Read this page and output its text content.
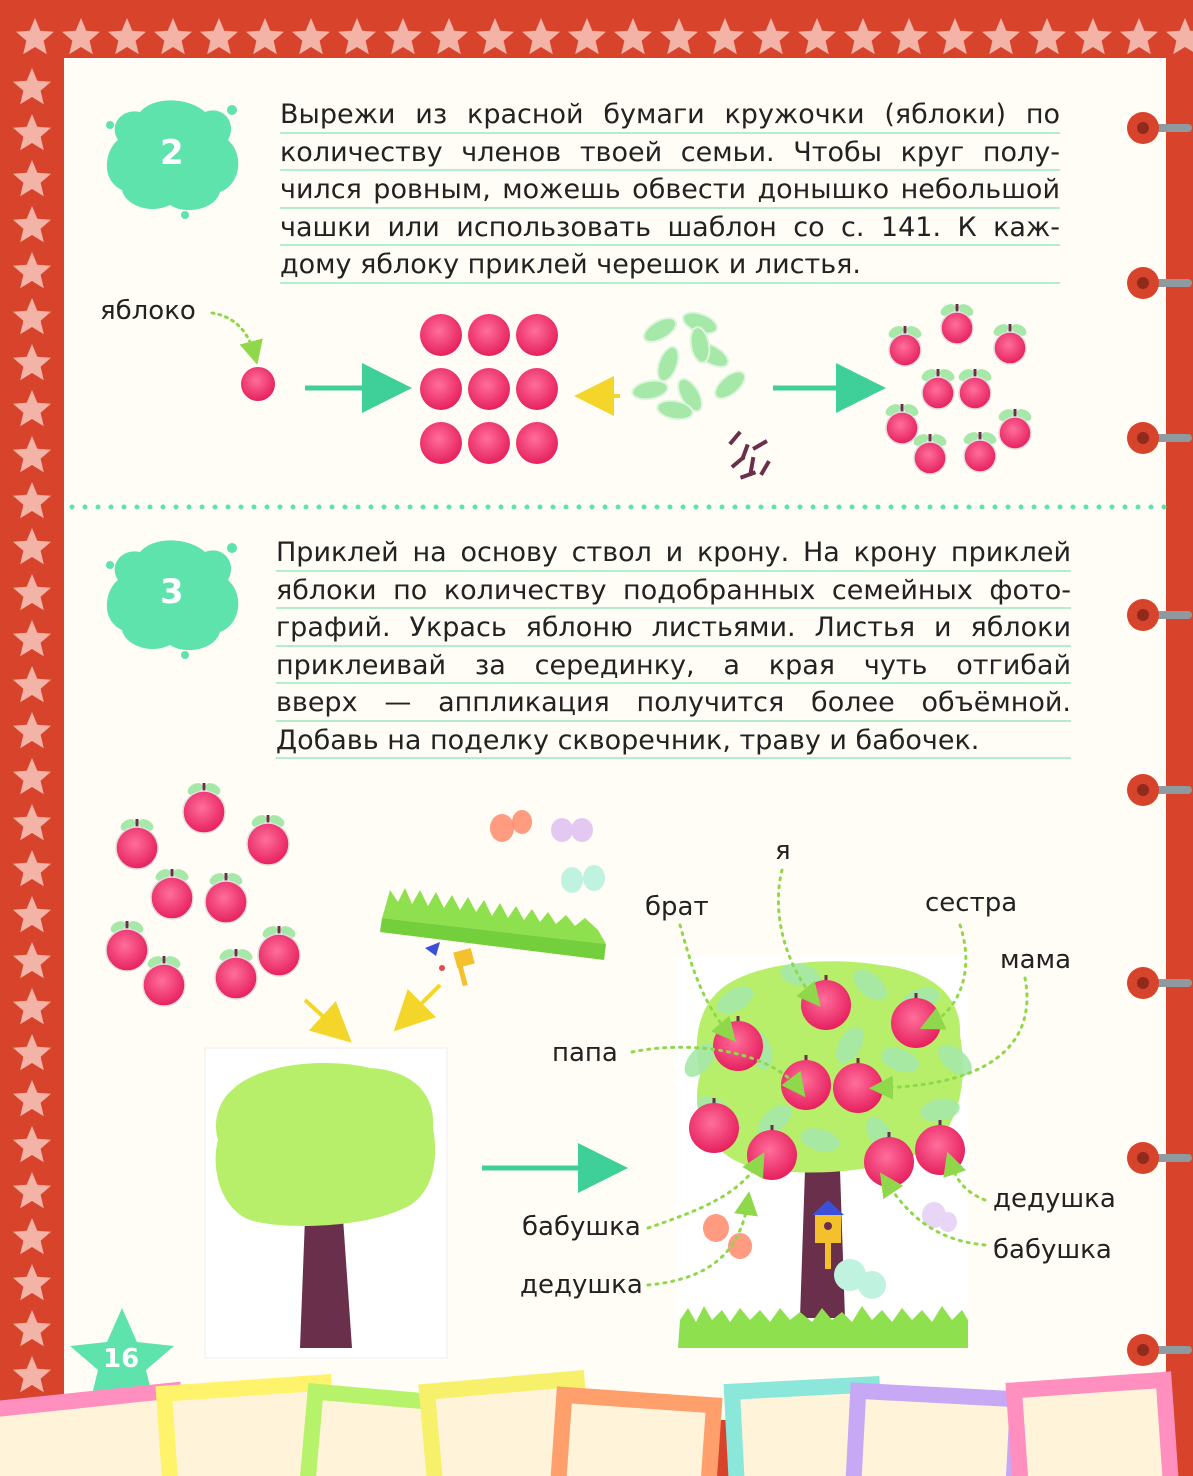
2
3
Вырежи из красной бумаги кружочки (яблоки) по
количеству членов твоей семьи. Чтобы круг полу-
чился ровным, можешь обвести донышко небольшой
чашки или использовать шаблон со с. 141. К каж-
дому яблоку приклей черешок и листья.
Приклей на основу ствол и крону. На крону приклей
яблоки по количеству подобранных семейных фото-
графий. Укрась яблоню листьями. Листья и яблоки
приклеивай за серединку, а края чуть отгибай
вверх — аппликация получится более объёмной.
Добавь на поделку скворечник, траву и бабочек.
яблоко
я
брат	сестра
мама
папа
бабушка
дедушка
дедушка
бабушка
16
